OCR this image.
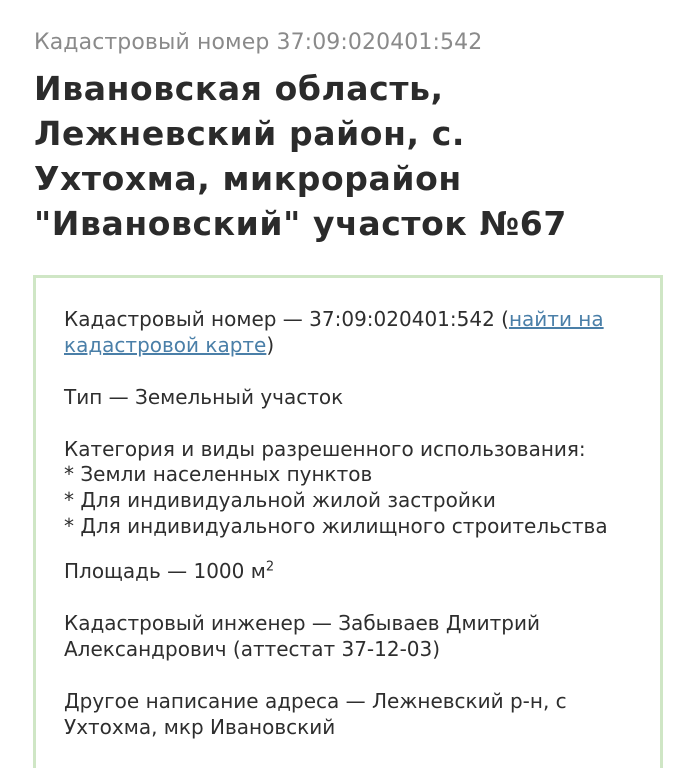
Кадастровый номер 37:09:020401:542
Ивановская область,
Лежневский район, с.
Ухтохма, микрорайон
"Ивановский" участок №67
Кадастровый номер — 37:09:020401:542 (найти на
кадастровой карте)
Тип — Земельный участок
Категория и виды разрешенного использования:
* Земли населенных пунктов
* Для индивидуальной жилой застройки
* Для индивидуального жилищного строительства
Площадь — 1000 $м^2$
Кадастровый инженер — Забываев Дмитрий
Александрович (аттестат 37-12-03)
Другое написание адреса — Лежневский р-н, с
Ухтохма, мкр Ивановский
